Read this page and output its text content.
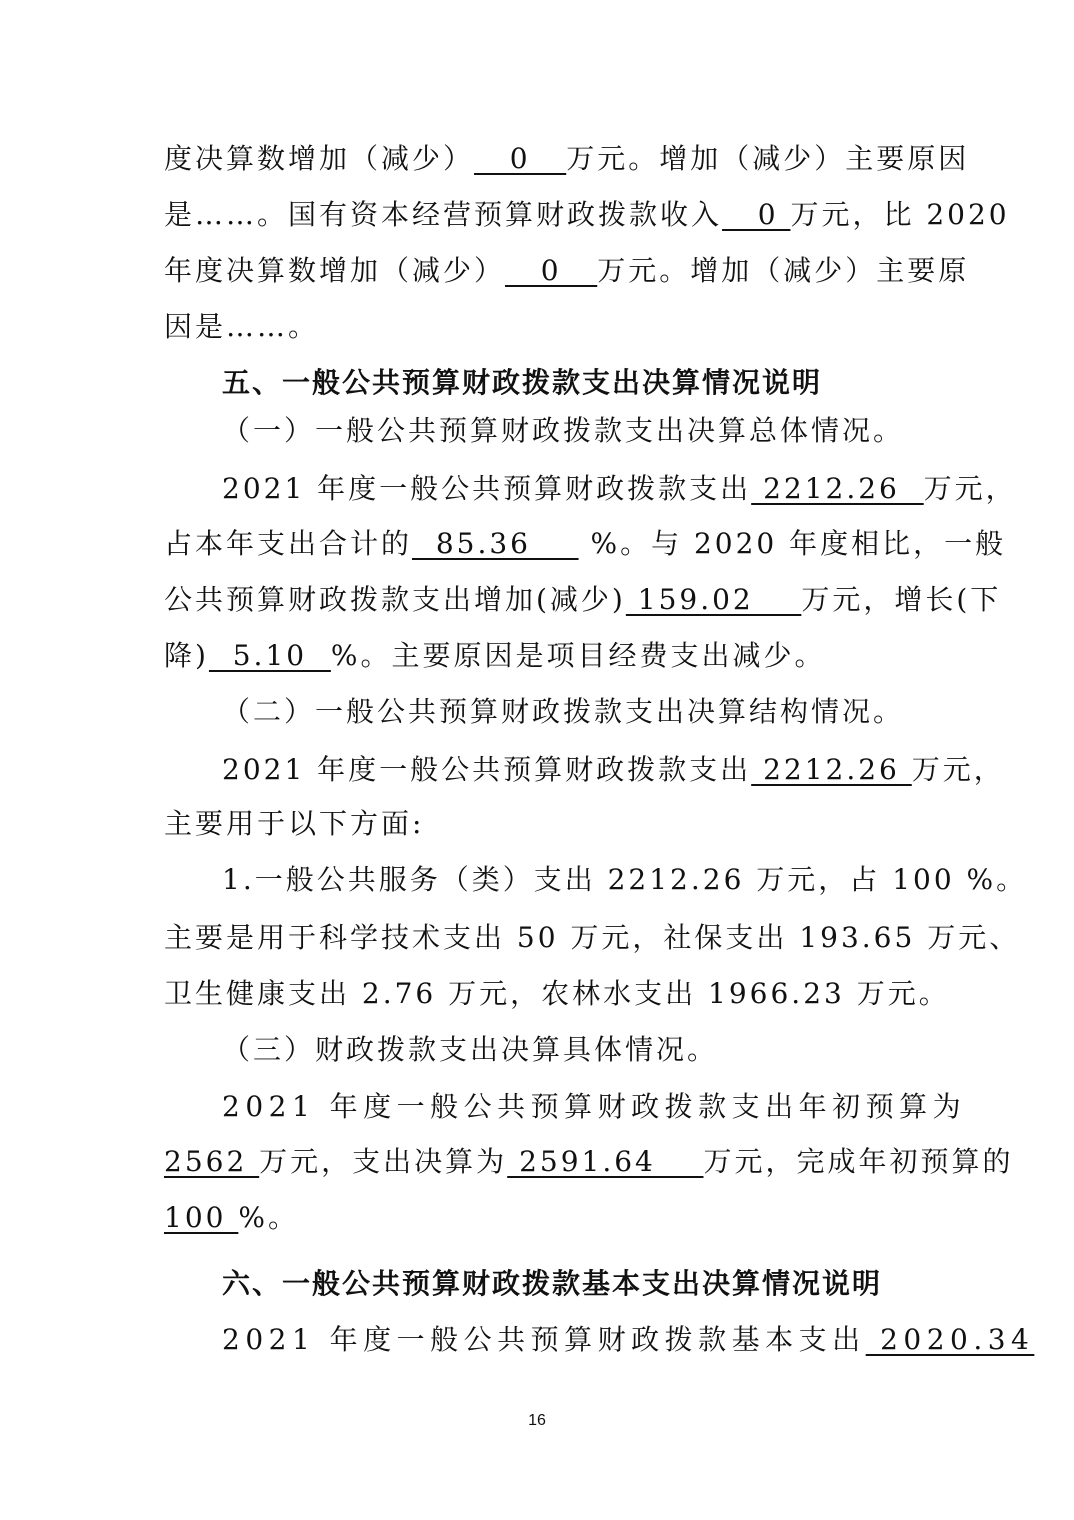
度决算数增加（减少）   0   万元。增加（减少）主要原因
是……。国有资本经营预算财政拨款收入   0 万元，比 2020
年度决算数增加（减少）   0   万元。增加（减少）主要原
因是……。
五、一般公共预算财政拨款支出决算情况说明
（一）一般公共预算财政拨款支出决算总体情况。
2021 年度一般公共预算财政拨款支出 2212.26  万元，
占本年支出合计的  85.36     %。与 2020 年度相比，一般
公共预算财政拨款支出增加(减少) 159.02    万元，增长(下
降)  5.10  %。主要原因是项目经费支出减少。
（二）一般公共预算财政拨款支出决算结构情况。
2021 年度一般公共预算财政拨款支出 2212.26 万元，
主要用于以下方面:
1.一般公共服务（类）支出 2212.26 万元，占 100 %。
主要是用于科学技术支出 50 万元，社保支出 193.65 万元、
卫生健康支出 2.76 万元，农林水支出 1966.23 万元。
（三）财政拨款支出决算具体情况。
2021 年度一般公共预算财政拨款支出年初预算为
2562 万元，支出决算为 2591.64    万元，完成年初预算的
100 %。
六、一般公共预算财政拨款基本支出决算情况说明
2021 年度一般公共预算财政拨款基本支出 2020.34
16
